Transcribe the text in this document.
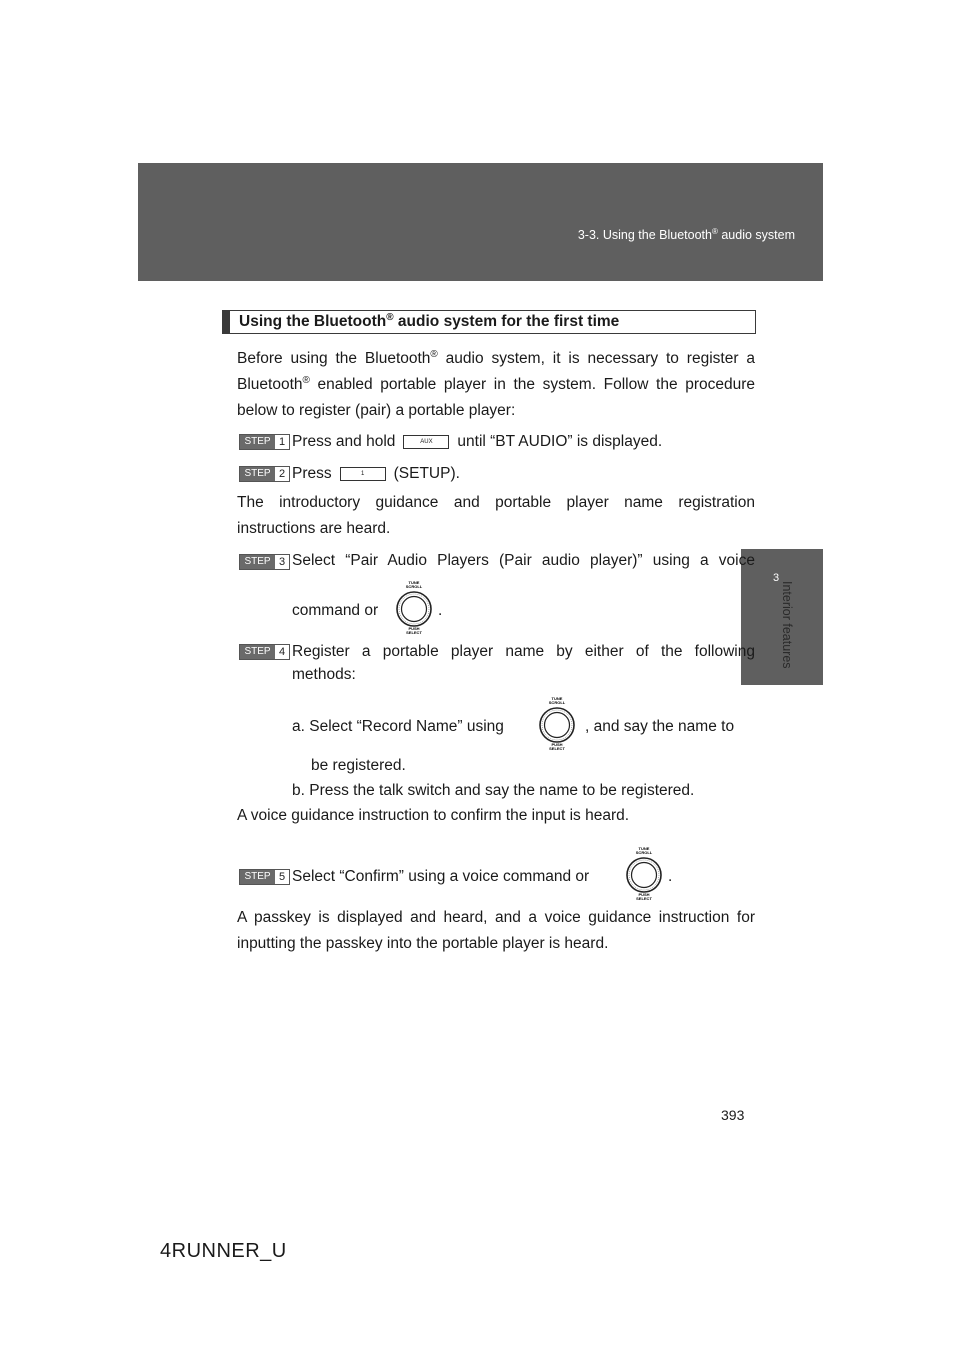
3-3. Using the Bluetooth® audio system
3
Interior features
Using the Bluetooth® audio system for the first time
Before using the Bluetooth® audio system, it is necessary to register a Bluetooth® enabled portable player in the system. Follow the procedure below to register (pair) a portable player:
STEP 1 Press and hold	AUX until “BT AUDIO” is displayed.
STEP 2 Press	1 (SETUP).
The introductory guidance and portable player name registration instructions are heard.
STEP 3 Select “Pair Audio Players (Pair audio player)” using a voice
command or
TUNE
SCROLL
PUSH
SELECT
.
STEP 4 Register a portable player name by either of the following
methods:
a. Select “Record Name” using
TUNE
SCROLL
PUSH
SELECT
, and say the name to
be registered.
b. Press the talk switch and say the name to be registered.
A voice guidance instruction to confirm the input is heard.
STEP 5 Select “Confirm” using a voice command or
TUNE
SCROLL
PUSH
SELECT
.
A passkey is displayed and heard, and a voice guidance instruction for inputting the passkey into the portable player is heard.
393
4RUNNER_U
